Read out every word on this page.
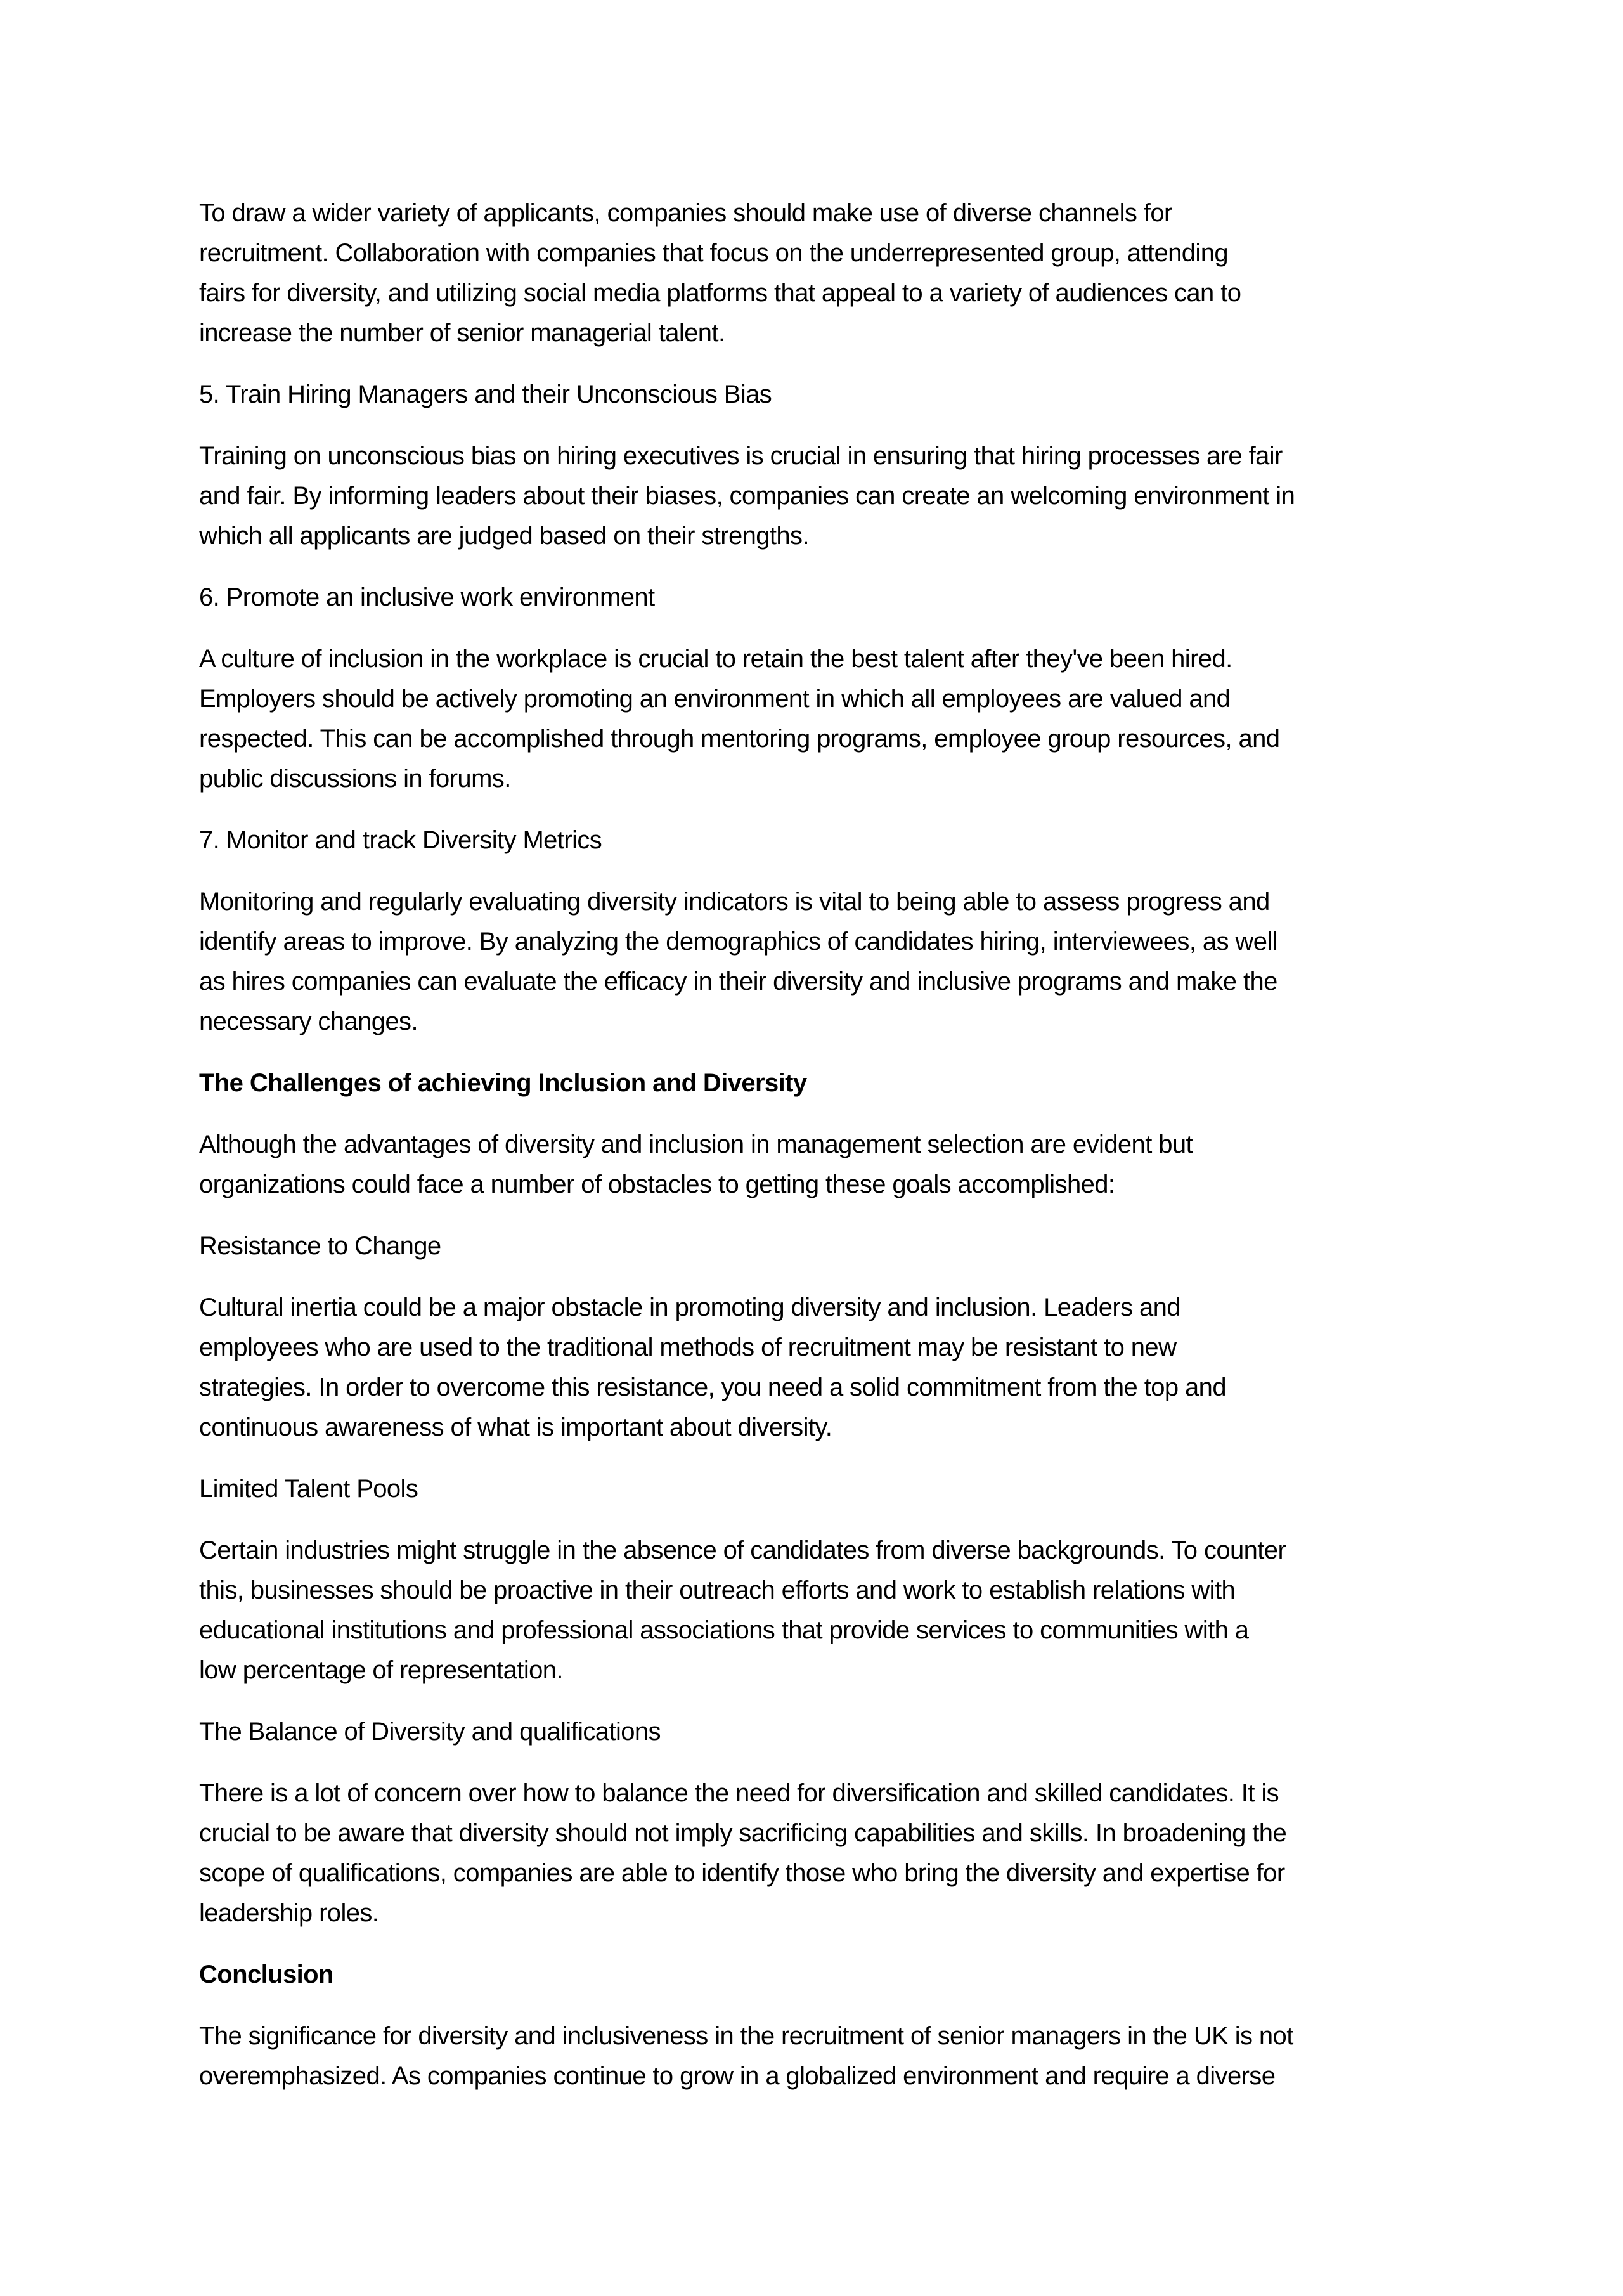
To draw a wider variety of applicants, companies should make use of diverse channels for
recruitment. Collaboration with companies that focus on the underrepresented group, attending
fairs for diversity, and utilizing social media platforms that appeal to a variety of audiences can to
increase the number of senior managerial talent.
5. Train Hiring Managers and their Unconscious Bias
Training on unconscious bias on hiring executives is crucial in ensuring that hiring processes are fair
and fair. By informing leaders about their biases, companies can create an welcoming environment in
which all applicants are judged based on their strengths.
6. Promote an inclusive work environment
A culture of inclusion in the workplace is crucial to retain the best talent after they've been hired.
Employers should be actively promoting an environment in which all employees are valued and
respected. This can be accomplished through mentoring programs, employee group resources, and
public discussions in forums.
7. Monitor and track Diversity Metrics
Monitoring and regularly evaluating diversity indicators is vital to being able to assess progress and
identify areas to improve. By analyzing the demographics of candidates hiring, interviewees, as well
as hires companies can evaluate the efficacy in their diversity and inclusive programs and make the
necessary changes.
The Challenges of achieving Inclusion and Diversity
Although the advantages of diversity and inclusion in management selection are evident but
organizations could face a number of obstacles to getting these goals accomplished:
Resistance to Change
Cultural inertia could be a major obstacle in promoting diversity and inclusion. Leaders and
employees who are used to the traditional methods of recruitment may be resistant to new
strategies. In order to overcome this resistance, you need a solid commitment from the top and
continuous awareness of what is important about diversity.
Limited Talent Pools
Certain industries might struggle in the absence of candidates from diverse backgrounds. To counter
this, businesses should be proactive in their outreach efforts and work to establish relations with
educational institutions and professional associations that provide services to communities with a
low percentage of representation.
The Balance of Diversity and qualifications
There is a lot of concern over how to balance the need for diversification and skilled candidates. It is
crucial to be aware that diversity should not imply sacrificing capabilities and skills. In broadening the
scope of qualifications, companies are able to identify those who bring the diversity and expertise for
leadership roles.
Conclusion
The significance for diversity and inclusiveness in the recruitment of senior managers in the UK is not
overemphasized. As companies continue to grow in a globalized environment and require a diverse
